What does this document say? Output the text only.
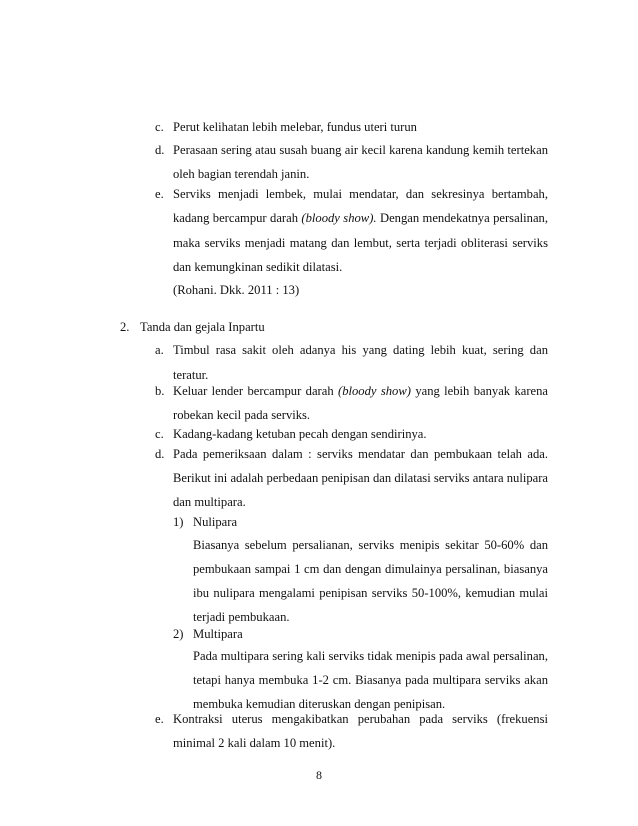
c. Perut kelihatan lebih melebar, fundus uteri turun
d. Perasaan sering atau susah buang air kecil karena kandung kemih tertekan
oleh bagian terendah janin.
e. Serviks menjadi lembek, mulai mendatar, dan sekresinya bertambah,
kadang bercampur darah (bloody show). Dengan mendekatnya persalinan,
maka serviks menjadi matang dan lembut, serta terjadi obliterasi serviks
dan kemungkinan sedikit dilatasi.
(Rohani. Dkk. 2011 : 13)
2. Tanda dan gejala Inpartu
a. Timbul rasa sakit oleh adanya his yang dating lebih kuat, sering dan
teratur.
b. Keluar lender bercampur darah (bloody show) yang lebih banyak karena
robekan kecil pada serviks.
c. Kadang-kadang ketuban pecah dengan sendirinya.
d. Pada pemeriksaan dalam : serviks mendatar dan pembukaan telah ada.
Berikut ini adalah perbedaan penipisan dan dilatasi serviks antara nulipara
dan multipara.
1) Nulipara
Biasanya sebelum persalianan, serviks menipis sekitar 50-60% dan
pembukaan sampai 1 cm dan dengan dimulainya persalinan, biasanya
ibu nulipara mengalami penipisan serviks 50-100%, kemudian mulai
terjadi pembukaan.
2) Multipara
Pada multipara sering kali serviks tidak menipis pada awal persalinan,
tetapi hanya membuka 1-2 cm. Biasanya pada multipara serviks akan
membuka kemudian diteruskan dengan penipisan.
e. Kontraksi uterus mengakibatkan perubahan pada serviks (frekuensi
minimal 2 kali dalam 10 menit).
8
